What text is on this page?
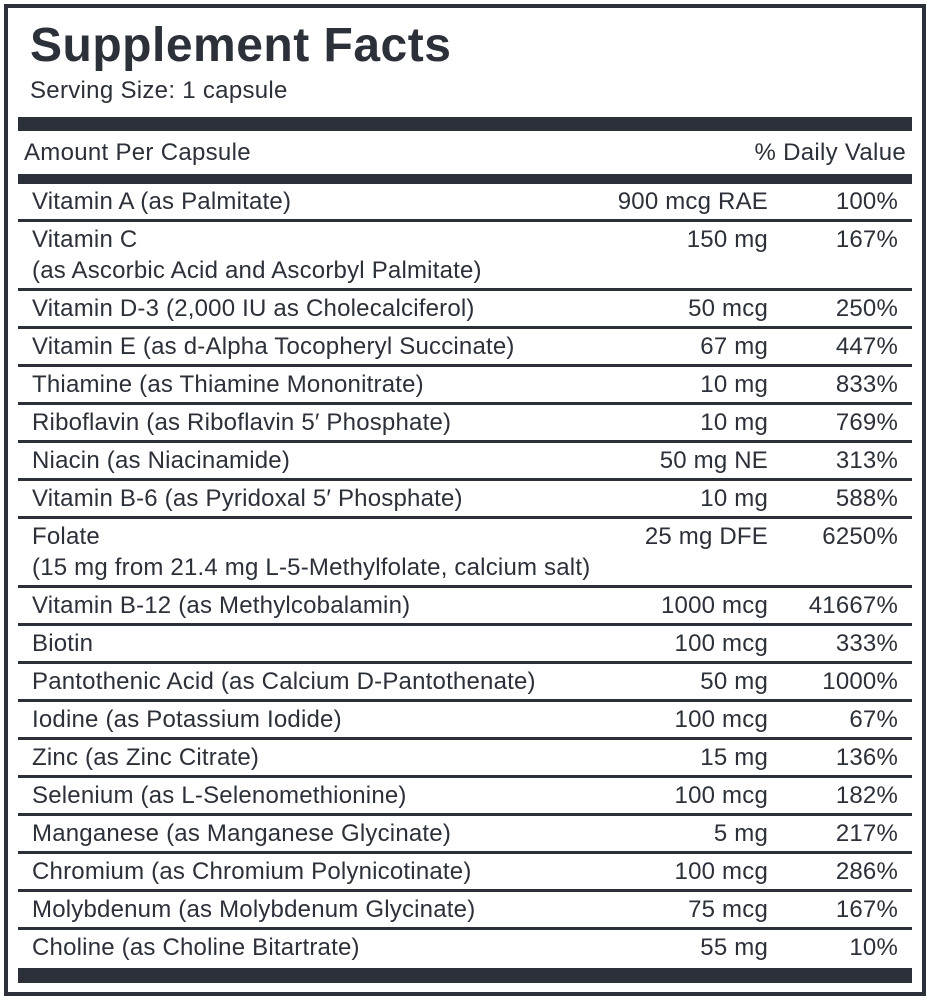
Supplement Facts
Serving Size: 1 capsule
Amount Per Capsule	% Daily Value
Vitamin A (as Palmitate)	900 mcg RAE	100%
Vitamin C	150 mg	167%
(as Ascorbic Acid and Ascorbyl Palmitate)
Vitamin D-3 (2,000 IU as Cholecalciferol)	50 mcg	250%
Vitamin E (as d-Alpha Tocopheryl Succinate)	67 mg	447%
Thiamine (as Thiamine Mononitrate)	10 mg	833%
Riboflavin (as Riboflavin 5′ Phosphate)	10 mg	769%
Niacin (as Niacinamide)	50 mg NE	313%
Vitamin B-6 (as Pyridoxal 5′ Phosphate)	10 mg	588%
Folate	25 mg DFE	6250%
(15 mg from 21.4 mg L-5-Methylfolate, calcium salt)
Vitamin B-12 (as Methylcobalamin)	1000 mcg	41667%
Biotin	100 mcg	333%
Pantothenic Acid (as Calcium D-Pantothenate)	50 mg	1000%
Iodine (as Potassium Iodide)	100 mcg	67%
Zinc (as Zinc Citrate)	15 mg	136%
Selenium (as L-Selenomethionine)	100 mcg	182%
Manganese (as Manganese Glycinate)	5 mg	217%
Chromium (as Chromium Polynicotinate)	100 mcg	286%
Molybdenum (as Molybdenum Glycinate)	75 mcg	167%
Choline (as Choline Bitartrate)	55 mg	10%
